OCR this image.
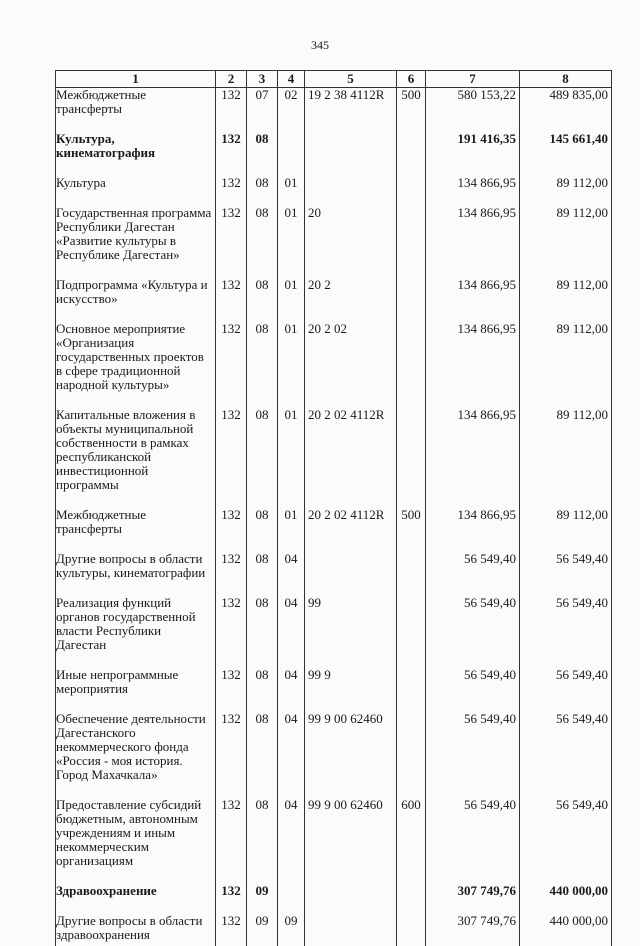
345
1	2	3	4	5	6	7	8
Межбюджетные трансферты	132	07	02	19 2 38 4112R	500	580 153,22	489 835,00
Культура, кинематография	132	08				191 416,35	145 661,40
Культура	132	08	01			134 866,95	89 112,00
Государственная программа Республики Дагестан «Развитие культуры в Республике Дагестан»	132	08	01	20		134 866,95	89 112,00
Подпрограмма «Культура и искусство»	132	08	01	20 2		134 866,95	89 112,00
Основное мероприятие «Организация государственных проектов в сфере традиционной народной культуры»	132	08	01	20 2 02		134 866,95	89 112,00
Капитальные вложения в объекты муниципальной собственности в рамках республиканской инвестиционной программы	132	08	01	20 2 02 4112R		134 866,95	89 112,00
Межбюджетные трансферты	132	08	01	20 2 02 4112R	500	134 866,95	89 112,00
Другие вопросы в области культуры, кинематографии	132	08	04			56 549,40	56 549,40
Реализация функций органов государственной власти Республики Дагестан	132	08	04	99		56 549,40	56 549,40
Иные непрограммные мероприятия	132	08	04	99 9		56 549,40	56 549,40
Обеспечение деятельности Дагестанского некоммерческого фонда «Россия - моя история. Город Махачкала»	132	08	04	99 9 00 62460		56 549,40	56 549,40
Предоставление субсидий бюджетным, автономным учреждениям и иным некоммерческим организациям	132	08	04	99 9 00 62460	600	56 549,40	56 549,40
Здравоохранение	132	09				307 749,76	440 000,00
Другие вопросы в области здравоохранения	132	09	09			307 749,76	440 000,00
